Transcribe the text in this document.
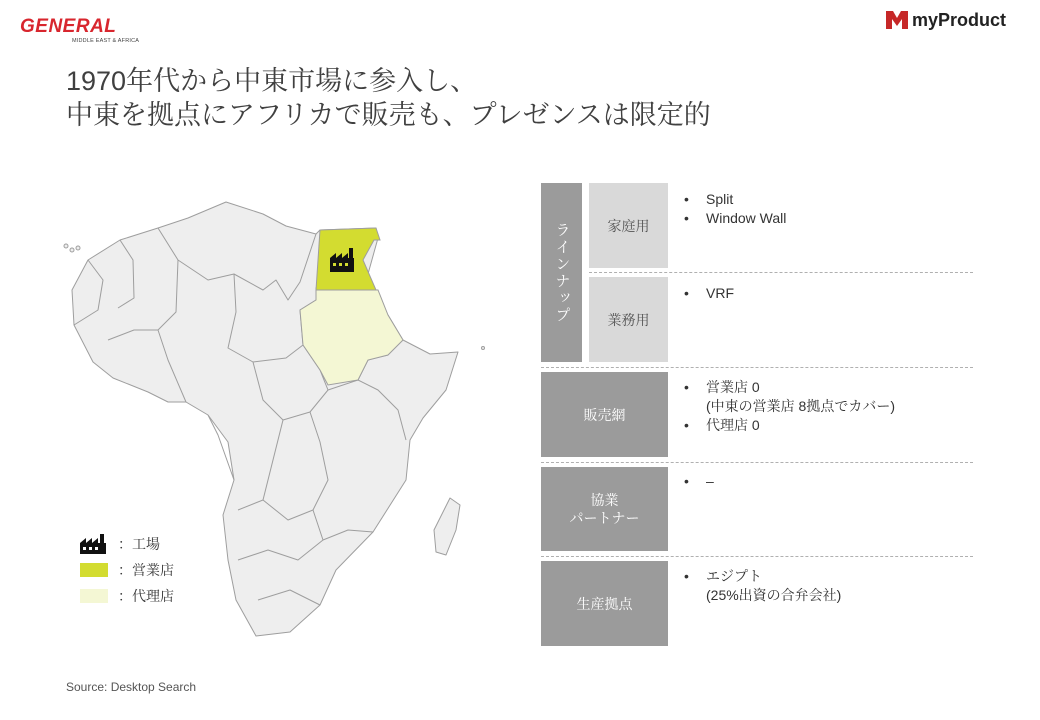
GENERAL
MIDDLE EAST & AFRICA
myProduct
1970年代から中東市場に参入し、
中東を拠点にアフリカで販売も、プレゼンスは限定的
：工場
：営業店
：代理店
ラインナップ	家庭用
• Split
• Window Wall
業務用
• VRF
販売網
• 営業店 0
(中東の営業店 8拠点でカバー)
• 代理店 0
協業
パートナー
• –
生産拠点
• エジプト
(25%出資の合弁会社)
Source: Desktop Search
